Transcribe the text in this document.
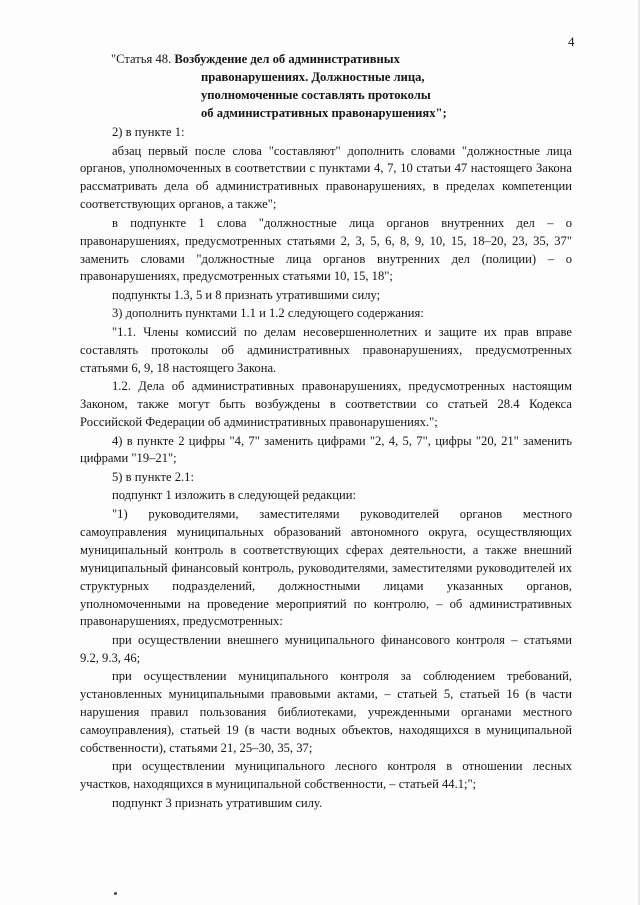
4
"Статья 48. Возбуждение дел об административных
правонарушениях. Должностные лица,
уполномоченные составлять протоколы
об административных правонарушениях";

2) в пункте 1:

абзац первый после слова "составляют" дополнить словами "должностные лица органов, уполномоченных в соответствии с пунктами 4, 7, 10 статьи 47 настоящего Закона рассматривать дела об административных правонарушениях, в пределах компетенции соответствующих органов, а также";

в подпункте 1 слова "должностные лица органов внутренних дел – о правонарушениях, предусмотренных статьями 2, 3, 5, 6, 8, 9, 10, 15, 18–20, 23, 35, 37" заменить словами "должностные лица органов внутренних дел (полиции) – о правонарушениях, предусмотренных статьями 10, 15, 18";

подпункты 1.3, 5 и 8 признать утратившими силу;

3) дополнить пунктами 1.1 и 1.2 следующего содержания:

"1.1. Члены комиссий по делам несовершеннолетних и защите их прав вправе составлять протоколы об административных правонарушениях, предусмотренных статьями 6, 9, 18 настоящего Закона.

1.2. Дела об административных правонарушениях, предусмотренных настоящим Законом, также могут быть возбуждены в соответствии со статьей 28.4 Кодекса Российской Федерации об административных правонарушениях.";

4) в пункте 2 цифры "4, 7" заменить цифрами "2, 4, 5, 7", цифры "20, 21" заменить цифрами "19–21";

5) в пункте 2.1:

подпункт 1 изложить в следующей редакции:

"1) руководителями, заместителями руководителей органов местного самоуправления муниципальных образований автономного округа, осуществляющих муниципальный контроль в соответствующих сферах деятельности, а также внешний муниципальный финансовый контроль, руководителями, заместителями руководителей их структурных подразделений, должностными лицами указанных органов, уполномоченными на проведение мероприятий по контролю, – об административных правонарушениях, предусмотренных:

при осуществлении внешнего муниципального финансового контроля – статьями 9.2, 9.3, 46;

при осуществлении муниципального контроля за соблюдением требований, установленных муниципальными правовыми актами, – статьей 5, статьей 16 (в части нарушения правил пользования библиотеками, учрежденными органами местного самоуправления), статьей 19 (в части водных объектов, находящихся в муниципальной собственности), статьями 21, 25–30, 35, 37;

при осуществлении муниципального лесного контроля в отношении лесных участков, находящихся в муниципальной собственности, – статьей 44.1;";

подпункт 3 признать утратившим силу.
